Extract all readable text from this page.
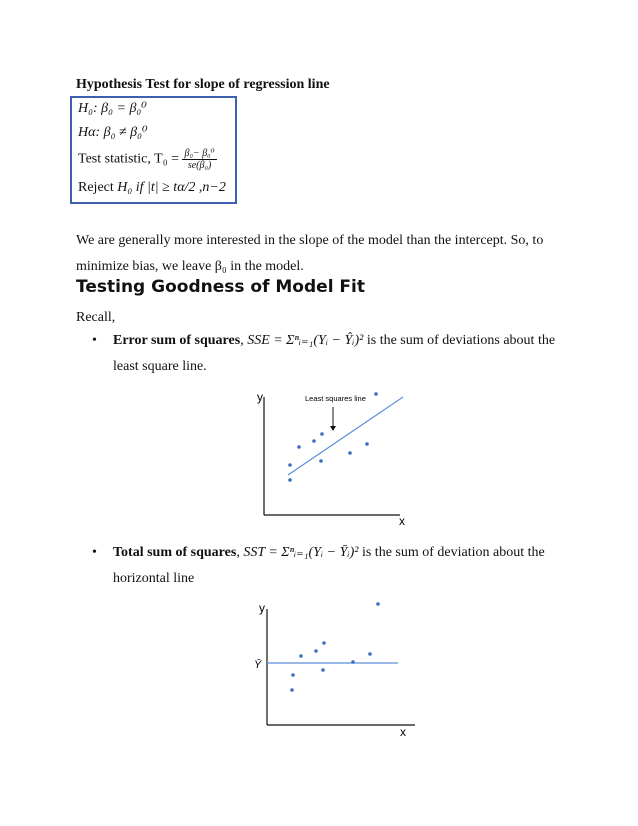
Hypothesis Test for slope of regression line
H₀: β₀ = β₀⁰
Hα: β₀ ≠ β₀⁰
Test statistic, $T_0 = \frac{\text{β₀− β₀⁰}}{\text{se(β₀)}}$
Reject H₀ if |t| ≥ tα/2 ,n−2
We are generally more interested in the slope of the model than the intercept. So, to
minimize bias, we leave β₀ in the model.
Testing Goodness of Model Fit
Recall,
• Error sum of squares, SSE = Σⁿᵢ₌₁(Yᵢ − Ŷᵢ)² is the sum of deviations about the
least square line.
y
x
Least squares line
• Total sum of squares, SST = Σⁿᵢ₌₁(Yᵢ − Ȳᵢ)² is the sum of deviation about the
horizontal line
y
x
Ȳ
